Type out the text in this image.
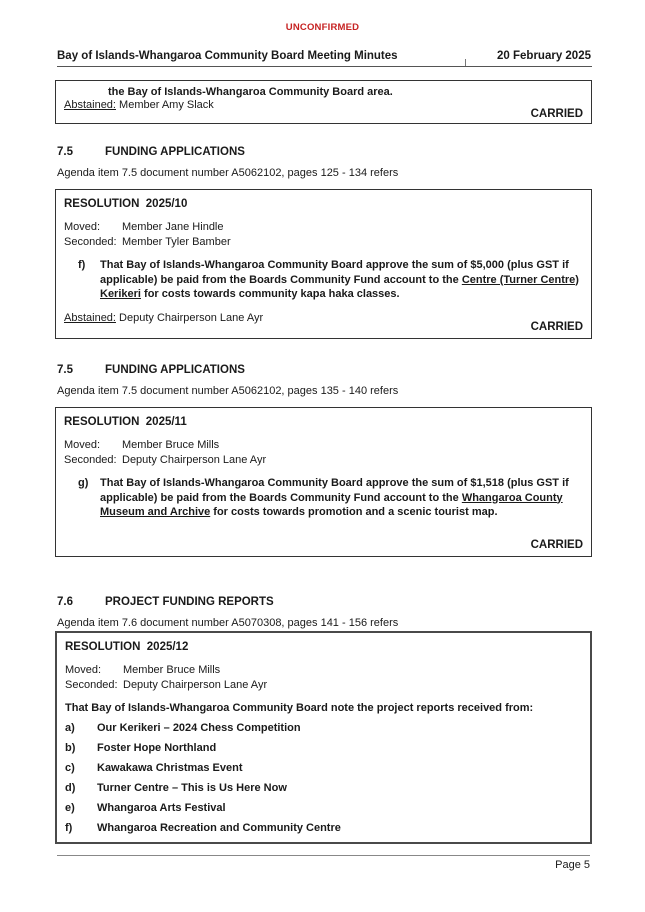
UNCONFIRMED
Bay of Islands-Whangaroa Community Board Meeting Minutes	20 February 2025
the Bay of Islands-Whangaroa Community Board area.
Abstained: Member Amy Slack
CARRIED
7.5	FUNDING APPLICATIONS
Agenda item 7.5 document number A5062102, pages 125 - 134 refers
RESOLUTION  2025/10
Moved:	Member Jane Hindle
Seconded: Member Tyler Bamber
f)	That Bay of Islands-Whangaroa Community Board approve the sum of $5,000 (plus GST if applicable) be paid from the Boards Community Fund account to the Centre (Turner Centre) Kerikeri for costs towards community kapa haka classes.
Abstained: Deputy Chairperson Lane Ayr
CARRIED
7.5	FUNDING APPLICATIONS
Agenda item 7.5 document number A5062102, pages 135 - 140 refers
RESOLUTION  2025/11
Moved:	Member Bruce Mills
Seconded: Deputy Chairperson Lane Ayr
g)	That Bay of Islands-Whangaroa Community Board approve the sum of $1,518 (plus GST if applicable) be paid from the Boards Community Fund account to the Whangaroa County Museum and Archive for costs towards promotion and a scenic tourist map.
CARRIED
7.6	PROJECT FUNDING REPORTS
Agenda item 7.6 document number A5070308, pages 141 - 156 refers
RESOLUTION  2025/12
Moved:	Member Bruce Mills
Seconded: Deputy Chairperson Lane Ayr
That Bay of Islands-Whangaroa Community Board note the project reports received from:
a)	Our Kerikeri – 2024 Chess Competition
b)	Foster Hope Northland
c)	Kawakawa Christmas Event
d)	Turner Centre – This is Us Here Now
e)	Whangaroa Arts Festival
f)	Whangaroa Recreation and Community Centre
Page 5
